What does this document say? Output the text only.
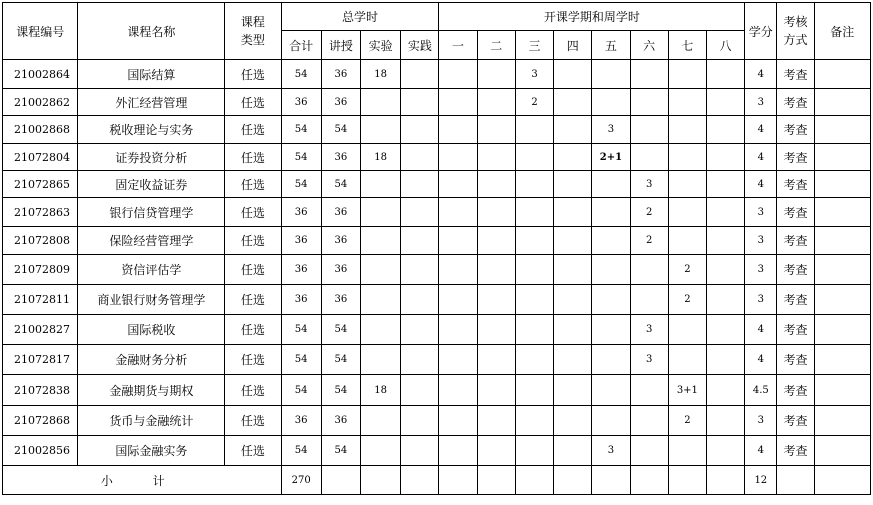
课程编号	课程名称	课程类型	总学时				开课学期和周学时								学分	考核方式	备注
			合计	讲授	实验	实践	一	二	三	四	五	六	七	八			
21002864	国际结算	任选	54	36	18				3						4	考查	
21002862	外汇经营管理	任选	36	36					2						3	考查	
21002868	税收理论与实务	任选	54	54							3				4	考查	
21072804	证券投资分析	任选	54	36	18						2+1				4	考查	
21072865	固定收益证券	任选	54	54								3			4	考查	
21072863	银行信贷管理学	任选	36	36								2			3	考查	
21072808	保险经营管理学	任选	36	36								2			3	考查	
21072809	资信评估学	任选	36	36									2		3	考查	
21072811	商业银行财务管理学	任选	36	36									2		3	考查	
21002827	国际税收	任选	54	54								3			4	考查	
21072817	金融财务分析	任选	54	54								3			4	考查	
21072838	金融期货与期权	任选	54	54	18								3+1		4.5	考查	
21072868	货币与金融统计	任选	36	36									2		3	考查	
21002856	国际金融实务	任选	54	54							3				4	考查	
小 计			270												12		
